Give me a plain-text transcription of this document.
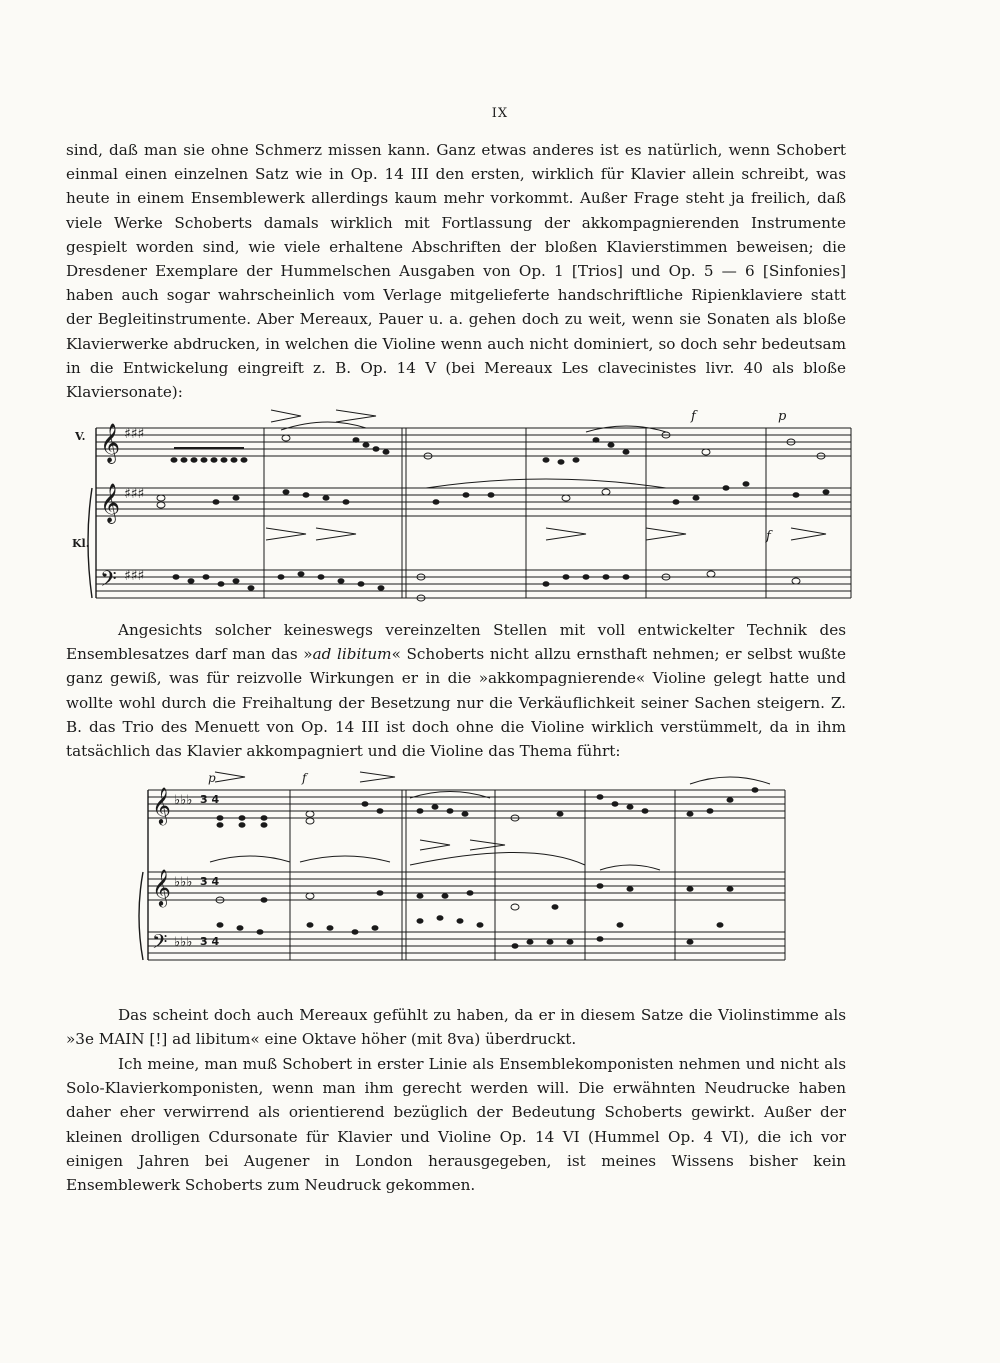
IX

sind, daß man sie ohne Schmerz missen kann. Ganz etwas anderes ist es natürlich, wenn Schobert einmal einen einzelnen Satz wie in Op. 14 III den ersten, wirklich für Klavier allein schreibt, was heute in einem Ensemblewerk allerdings kaum mehr vorkommt. Außer Frage steht ja freilich, daß viele Werke Schoberts damals wirklich mit Fortlassung der akkompagnierenden Instrumente gespielt worden sind, wie viele erhaltene Abschriften der bloßen Klavierstimmen beweisen; die Dresdener Exemplare der Hummelschen Ausgaben von Op. 1 [Trios] und Op. 5 — 6 [Sinfonies] haben auch sogar wahrscheinlich vom Verlage mitgelieferte handschriftliche Ripienklaviere statt der Begleitinstrumente. Aber Mereaux, Pauer u. a. gehen doch zu weit, wenn sie Sonaten als bloße Klavierwerke abdrucken, in welchen die Violine wenn auch nicht dominiert, so doch sehr bedeutsam in die Entwickelung eingreift z. B. Op. 14 V (bei Mereaux Les clavecinistes livr. 40 als bloße Klaviersonate):

V.
Kl.
𝄞
𝄞
𝄢
♯♯♯
♯♯♯
♯♯♯
f	p
f

Angesichts solcher keineswegs vereinzelten Stellen mit voll entwickelter Technik des Ensemblesatzes darf man das »ad libitum« Schoberts nicht allzu ernsthaft nehmen; er selbst wußte ganz gewiß, was für reizvolle Wirkungen er in die »akkompagnierende« Violine gelegt hatte und wollte wohl durch die Freihaltung der Besetzung nur die Verkäuflichkeit seiner Sachen steigern. Z. B. das Trio des Menuett von Op. 14 III ist doch ohne die Violine wirklich verstümmelt, da in ihm tatsächlich das Klavier akkompagniert und die Violine das Thema führt:

𝄞
𝄞
𝄢
♭♭♭
♭♭♭
♭♭♭
3 4
3 4
3 4
p	f

Das scheint doch auch Mereaux gefühlt zu haben, da er in diesem Satze die Violinstimme als »3e MAIN [!] ad libitum« eine Oktave höher (mit 8va) überdruckt.

Ich meine, man muß Schobert in erster Linie als Ensemblekomponisten nehmen und nicht als Solo-Klavierkomponisten, wenn man ihm gerecht werden will. Die erwähnten Neudrucke haben daher eher verwirrend als orientierend bezüglich der Bedeutung Schoberts gewirkt. Außer der kleinen drolligen Cdursonate für Klavier und Violine Op. 14 VI (Hummel Op. 4 VI), die ich vor einigen Jahren bei Augener in London herausgegeben, ist meines Wissens bisher kein Ensemblewerk Schoberts zum Neudruck gekommen.
